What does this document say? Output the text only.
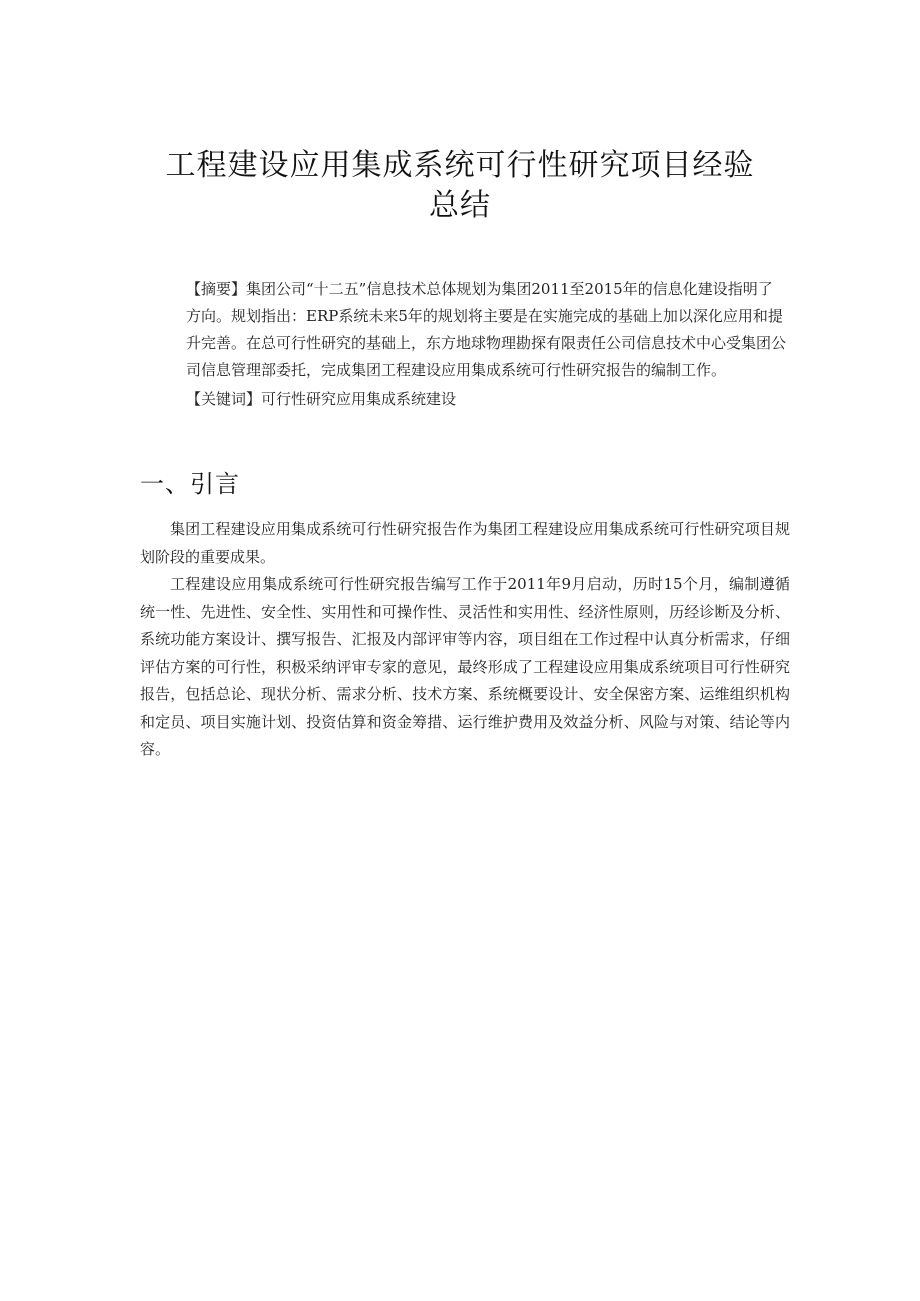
工程建设应用集成系统可行性研究项目经验
总结

【摘要】集团公司“十二五”信息技术总体规划为集团2011至2015年的信息化建设指明了

方向。规划指出：ERP系统未来5年的规划将主要是在实施完成的基础上加以深化应用和提

升完善。在总可行性研究的基础上，东方地球物理勘探有限责任公司信息技术中心受集团公

司信息管理部委托，完成集团工程建设应用集成系统可行性研究报告的编制工作。

【关键词】可行性研究应用集成系统建设

一、引言

集团工程建设应用集成系统可行性研究报告作为集团工程建设应用集成系统可行性研究项目规划阶段的重要成果。

工程建设应用集成系统可行性研究报告编写工作于2011年9月启动，历时15个月，编制遵循统一性、先进性、安全性、实用性和可操作性、灵活性和实用性、经济性原则，历经诊断及分析、系统功能方案设计、撰写报告、汇报及内部评审等内容，项目组在工作过程中认真分析需求，仔细评估方案的可行性，积极采纳评审专家的意见，最终形成了工程建设应用集成系统项目可行性研究报告，包括总论、现状分析、需求分析、技术方案、系统概要设计、安全保密方案、运维组织机构和定员、项目实施计划、投资估算和资金筹措、运行维护费用及效益分析、风险与对策、结论等内容。
